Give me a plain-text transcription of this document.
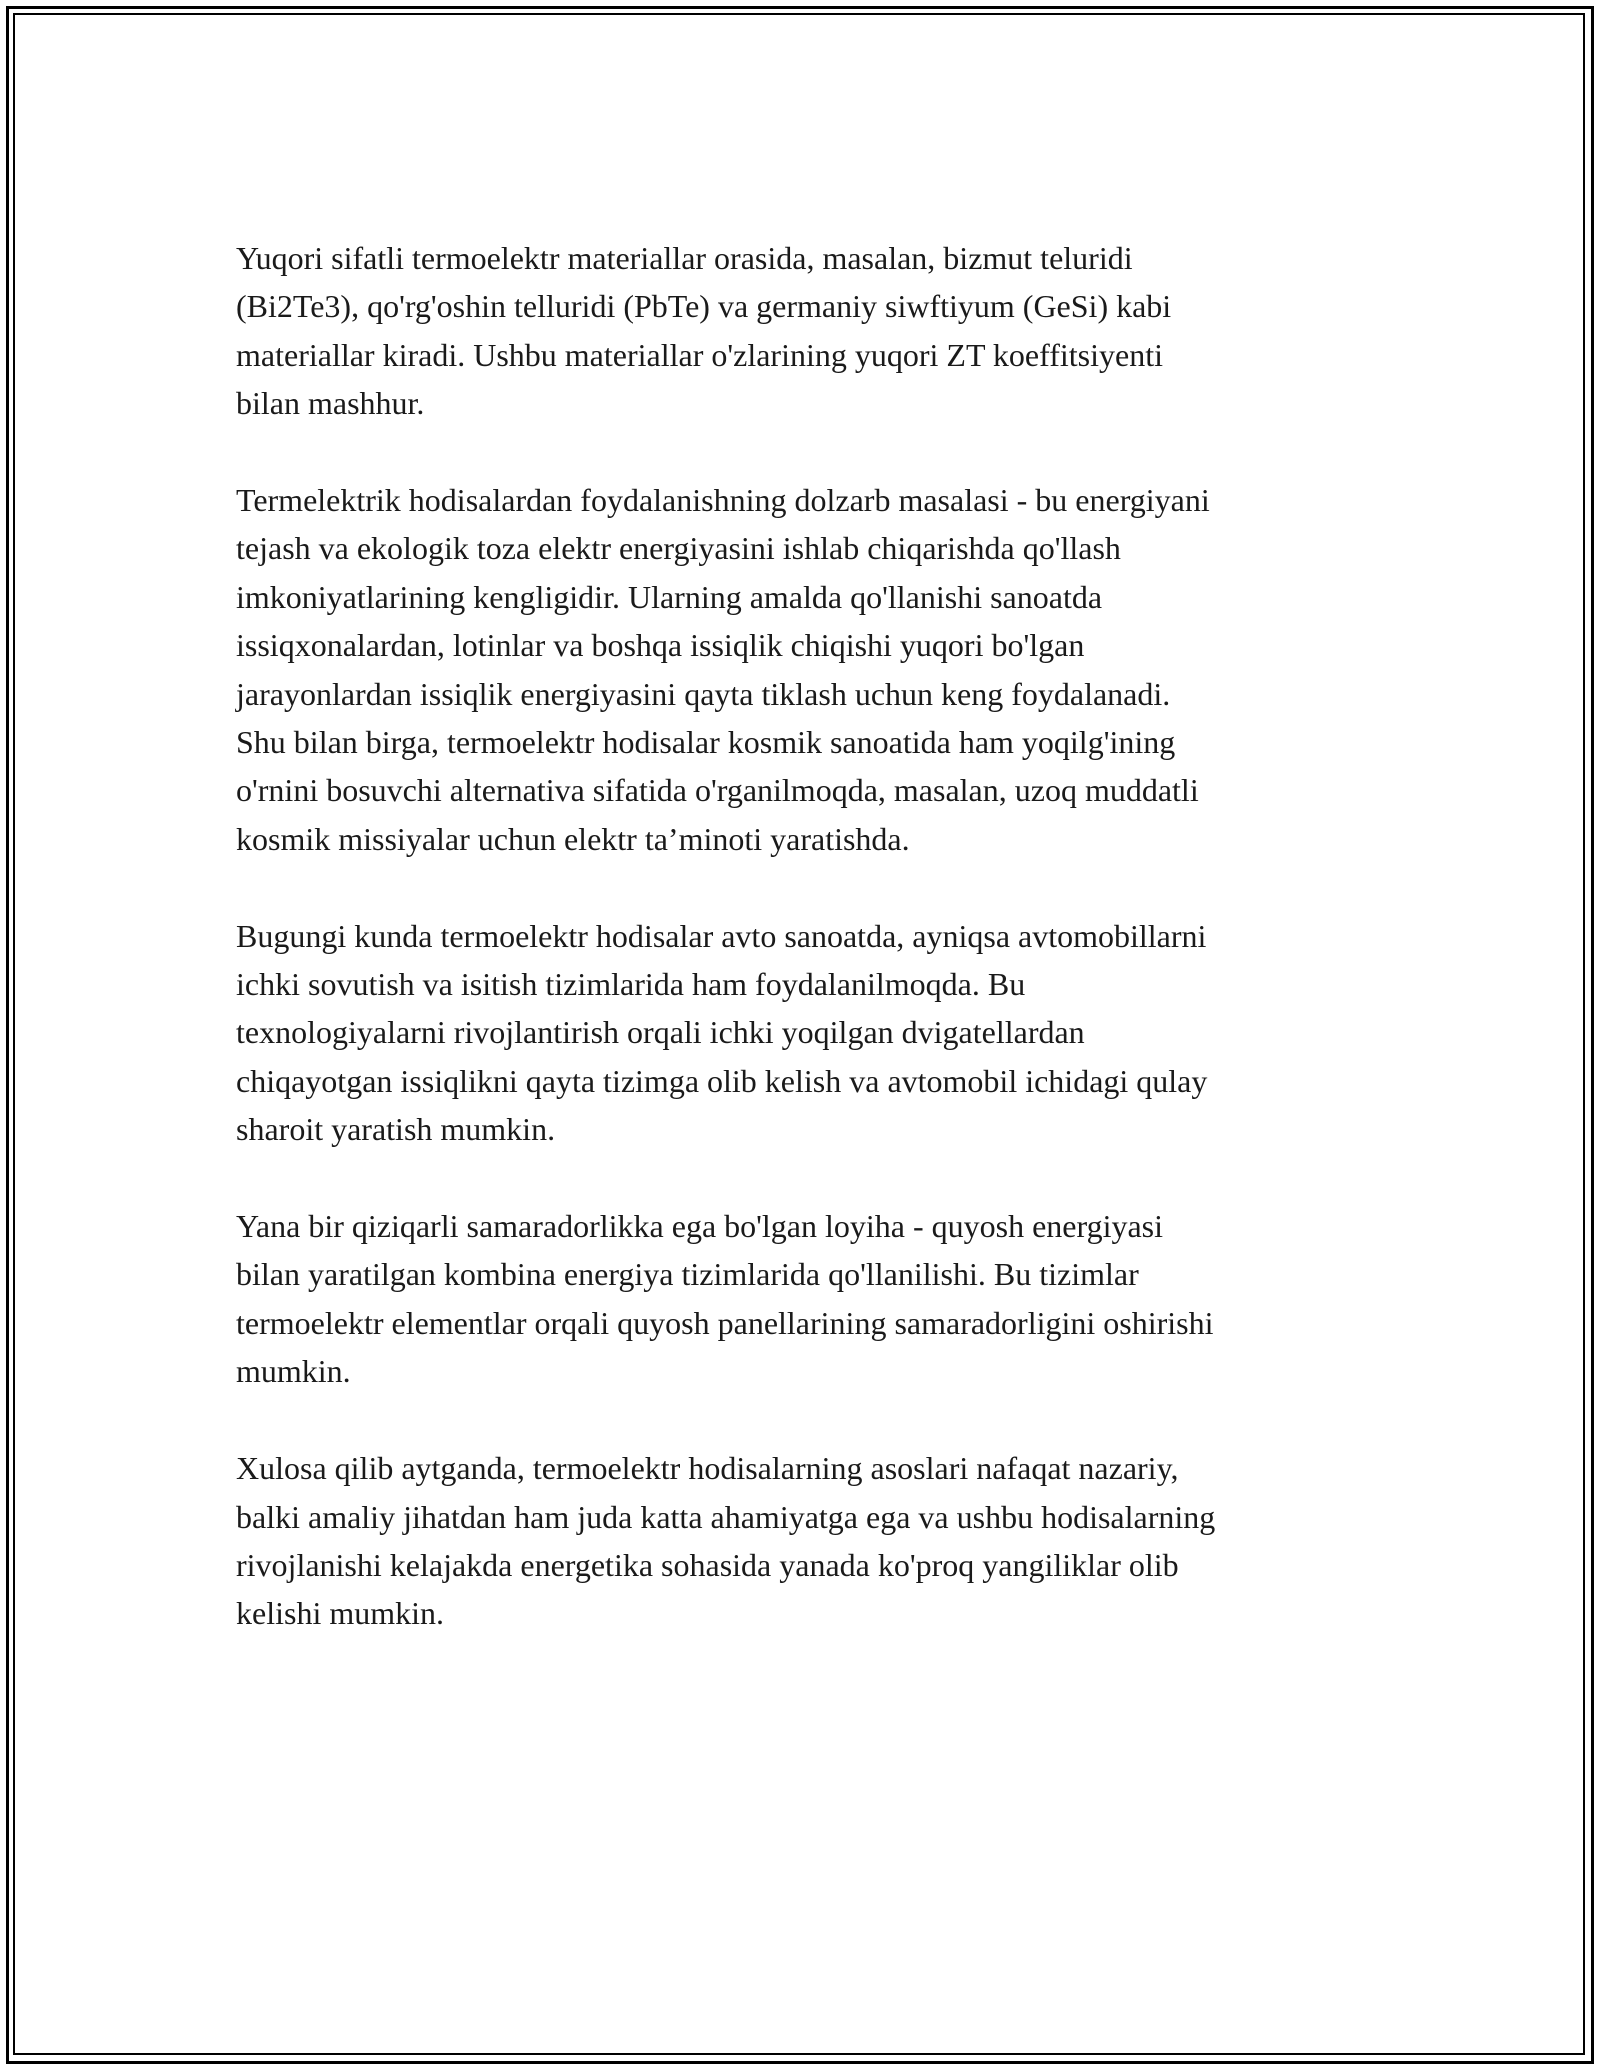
Yuqori sifatli termoelektr materiallar orasida, masalan, bizmut teluridi
(Bi2Te3), qo'rg'oshin telluridi (PbTe) va germaniy siwftiyum (GeSi) kabi
materiallar kiradi. Ushbu materiallar o'zlarining yuqori ZT koeffitsiyenti
bilan mashhur.

Termelektrik hodisalardan foydalanishning dolzarb masalasi - bu energiyani
tejash va ekologik toza elektr energiyasini ishlab chiqarishda qo'llash
imkoniyatlarining kengligidir. Ularning amalda qo'llanishi sanoatda
issiqxonalardan, lotinlar va boshqa issiqlik chiqishi yuqori bo'lgan
jarayonlardan issiqlik energiyasini qayta tiklash uchun keng foydalanadi.
Shu bilan birga, termoelektr hodisalar kosmik sanoatida ham yoqilg'ining
o'rnini bosuvchi alternativa sifatida o'rganilmoqda, masalan, uzoq muddatli
kosmik missiyalar uchun elektr ta’minoti yaratishda.

Bugungi kunda termoelektr hodisalar avto sanoatda, ayniqsa avtomobillarni
ichki sovutish va isitish tizimlarida ham foydalanilmoqda. Bu
texnologiyalarni rivojlantirish orqali ichki yoqilgan dvigatellardan
chiqayotgan issiqlikni qayta tizimga olib kelish va avtomobil ichidagi qulay
sharoit yaratish mumkin.

Yana bir qiziqarli samaradorlikka ega bo'lgan loyiha - quyosh energiyasi
bilan yaratilgan kombina energiya tizimlarida qo'llanilishi. Bu tizimlar
termoelektr elementlar orqali quyosh panellarining samaradorligini oshirishi
mumkin.

Xulosa qilib aytganda, termoelektr hodisalarning asoslari nafaqat nazariy,
balki amaliy jihatdan ham juda katta ahamiyatga ega va ushbu hodisalarning
rivojlanishi kelajakda energetika sohasida yanada ko'proq yangiliklar olib
kelishi mumkin.
